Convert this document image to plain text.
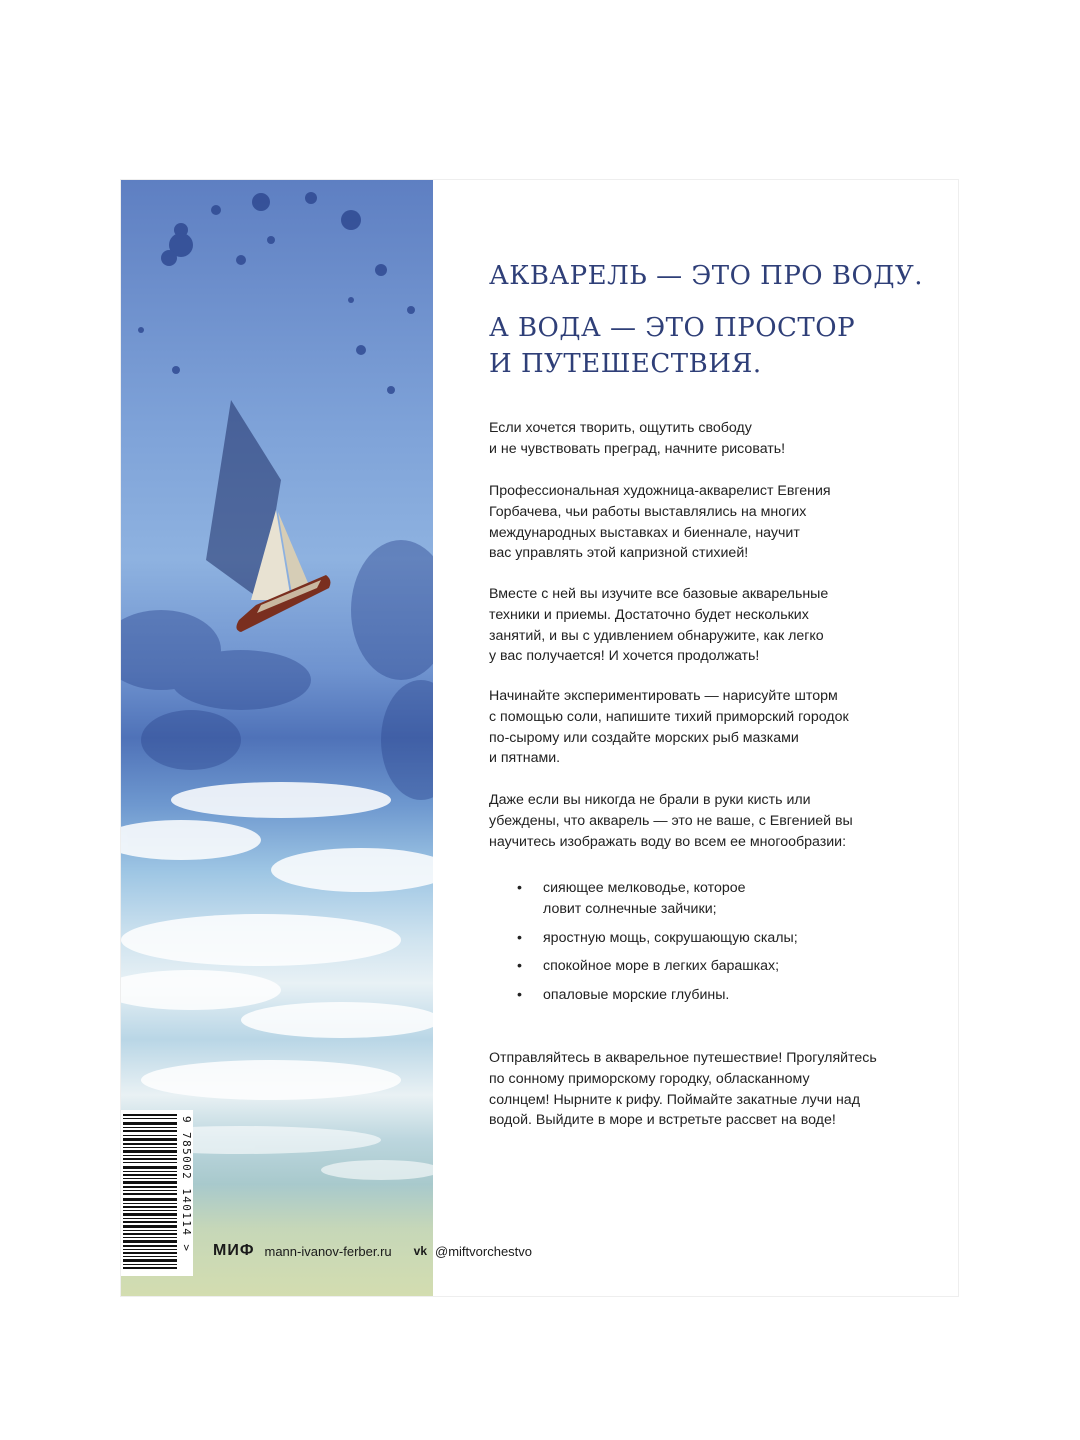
9 785002 140114 >
АКВАРЕЛЬ — ЭТО ПРО ВОДУ.
А ВОДА — ЭТО ПРОСТОР
И ПУТЕШЕСТВИЯ.
Если хочется творить, ощутить свободу
и не чувствовать преград, начните рисовать!
Профессиональная художница-акварелист Евгения
Горбачева, чьи работы выставлялись на многих
международных выставках и биеннале, научит
вас управлять этой капризной стихией!
Вместе с ней вы изучите все базовые акварельные
техники и приемы. Достаточно будет нескольких
занятий, и вы с удивлением обнаружите, как легко
у вас получается! И хочется продолжать!
Начинайте экспериментировать — нарисуйте шторм
с помощью соли, напишите тихий приморский городок
по-сырому или создайте морских рыб мазками
и пятнами.
Даже если вы никогда не брали в руки кисть или
убеждены, что акварель — это не ваше, с Евгенией вы
научитесь изображать воду во всем ее многообразии:
• сияющее мелководье, которое
ловит солнечные зайчики;
• яростную мощь, сокрушающую скалы;
• спокойное море в легких барашках;
• опаловые морские глубины.
Отправляйтесь в акварельное путешествие! Прогуляйтесь
по сонному приморскому городку, обласканному
солнцем! Нырните к рифу. Поймайте закатные лучи над
водой. Выйдите в море и встретьте рассвет на воде!
МИФ mann-ivanov-ferber.ru vk @miftvorchestvo
